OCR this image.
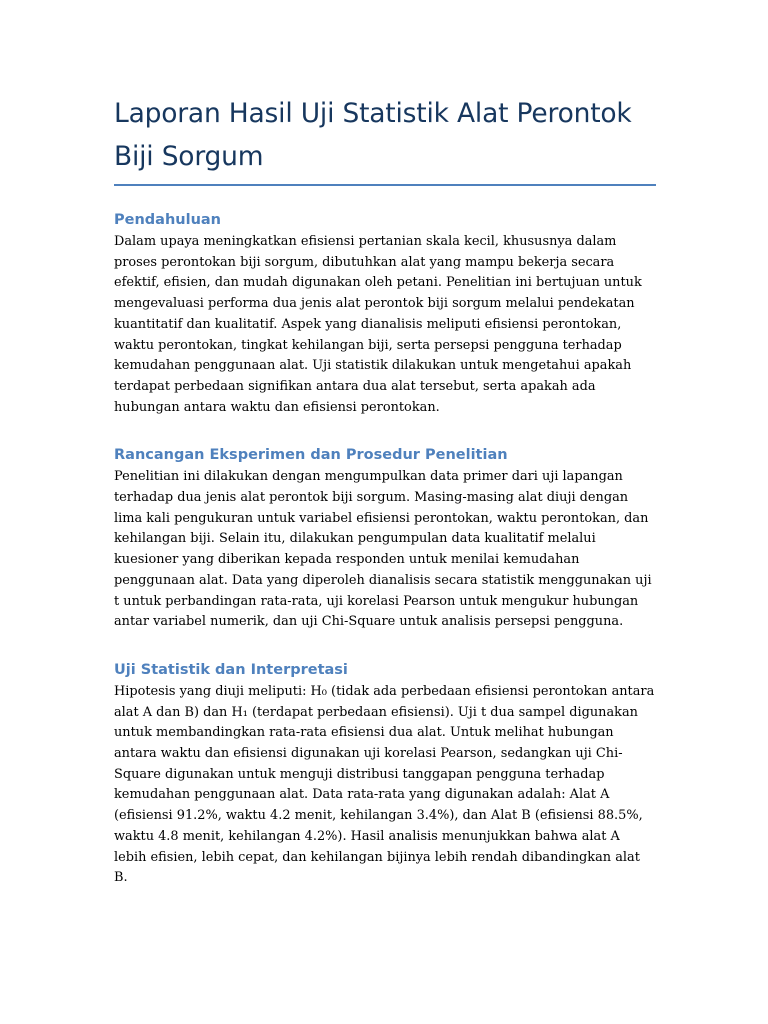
Laporan Hasil Uji Statistik Alat Perontok Biji Sorgum
Pendahuluan

Dalam upaya meningkatkan efisiensi pertanian skala kecil, khususnya dalam proses perontokan biji sorgum, dibutuhkan alat yang mampu bekerja secara efektif, efisien, dan mudah digunakan oleh petani. Penelitian ini bertujuan untuk mengevaluasi performa dua jenis alat perontok biji sorgum melalui pendekatan kuantitatif dan kualitatif. Aspek yang dianalisis meliputi efisiensi perontokan, waktu perontokan, tingkat kehilangan biji, serta persepsi pengguna terhadap kemudahan penggunaan alat. Uji statistik dilakukan untuk mengetahui apakah terdapat perbedaan signifikan antara dua alat tersebut, serta apakah ada hubungan antara waktu dan efisiensi perontokan.

Rancangan Eksperimen dan Prosedur Penelitian

Penelitian ini dilakukan dengan mengumpulkan data primer dari uji lapangan terhadap dua jenis alat perontok biji sorgum. Masing-masing alat diuji dengan lima kali pengukuran untuk variabel efisiensi perontokan, waktu perontokan, dan kehilangan biji. Selain itu, dilakukan pengumpulan data kualitatif melalui kuesioner yang diberikan kepada responden untuk menilai kemudahan penggunaan alat. Data yang diperoleh dianalisis secara statistik menggunakan uji t untuk perbandingan rata-rata, uji korelasi Pearson untuk mengukur hubungan antar variabel numerik, dan uji Chi-Square untuk analisis persepsi pengguna.

Uji Statistik dan Interpretasi

Hipotesis yang diuji meliputi: H₀ (tidak ada perbedaan efisiensi perontokan antara alat A dan B) dan H₁ (terdapat perbedaan efisiensi). Uji t dua sampel digunakan untuk membandingkan rata-rata efisiensi dua alat. Untuk melihat hubungan antara waktu dan efisiensi digunakan uji korelasi Pearson, sedangkan uji Chi-Square digunakan untuk menguji distribusi tanggapan pengguna terhadap kemudahan penggunaan alat. Data rata-rata yang digunakan adalah: Alat A (efisiensi 91.2%, waktu 4.2 menit, kehilangan 3.4%), dan Alat B (efisiensi 88.5%, waktu 4.8 menit, kehilangan 4.2%). Hasil analisis menunjukkan bahwa alat A lebih efisien, lebih cepat, dan kehilangan bijinya lebih rendah dibandingkan alat B.
